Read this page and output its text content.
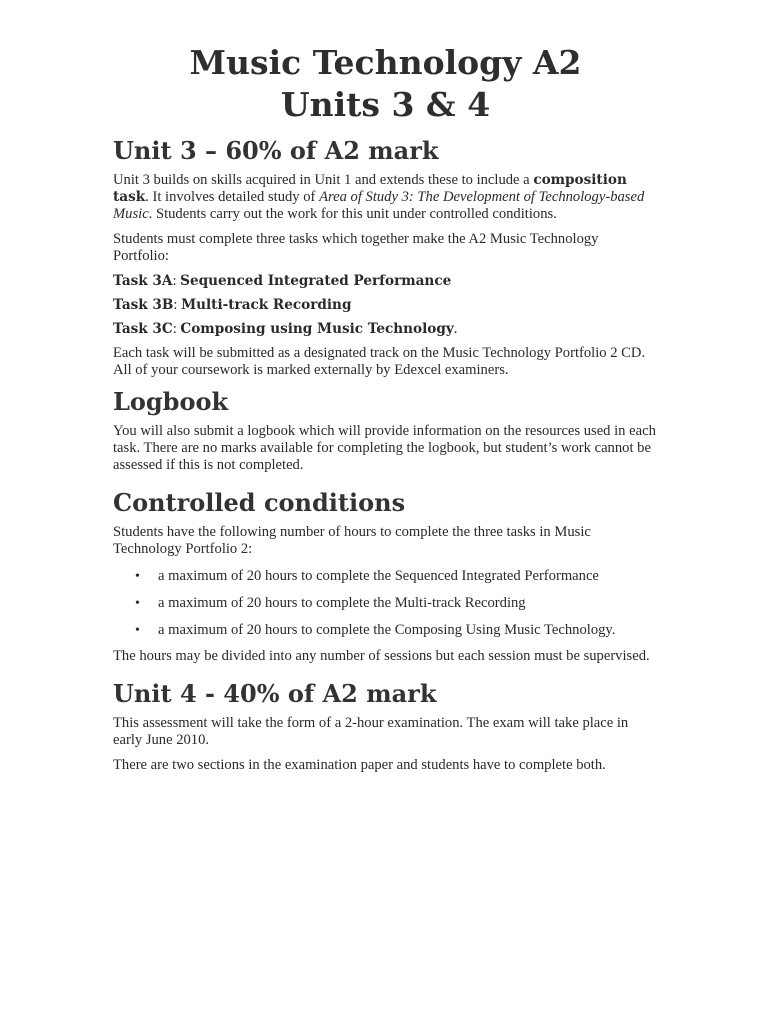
Music Technology A2
Units 3 & 4
Unit 3 – 60% of A2 mark

Unit 3 builds on skills acquired in Unit 1 and extends these to include a composition task. It involves detailed study of Area of Study 3: The Development of Technology-based Music. Students carry out the work for this unit under controlled conditions.

Students must complete three tasks which together make the A2 Music Technology Portfolio:

Task 3A: Sequenced Integrated Performance

Task 3B: Multi-track Recording

Task 3C: Composing using Music Technology.

Each task will be submitted as a designated track on the Music Technology Portfolio 2 CD. All of your coursework is marked externally by Edexcel examiners.

Logbook

You will also submit a logbook which will provide information on the resources used in each task. There are no marks available for completing the logbook, but student’s work cannot be assessed if this is not completed.

Controlled conditions

Students have the following number of hours to complete the three tasks in Music Technology Portfolio 2:

• a maximum of 20 hours to complete the Sequenced Integrated Performance
• a maximum of 20 hours to complete the Multi-track Recording
• a maximum of 20 hours to complete the Composing Using Music Technology.

The hours may be divided into any number of sessions but each session must be supervised.

Unit 4 - 40% of A2 mark

This assessment will take the form of a 2-hour examination. The exam will take place in early June 2010.

There are two sections in the examination paper and students have to complete both.
